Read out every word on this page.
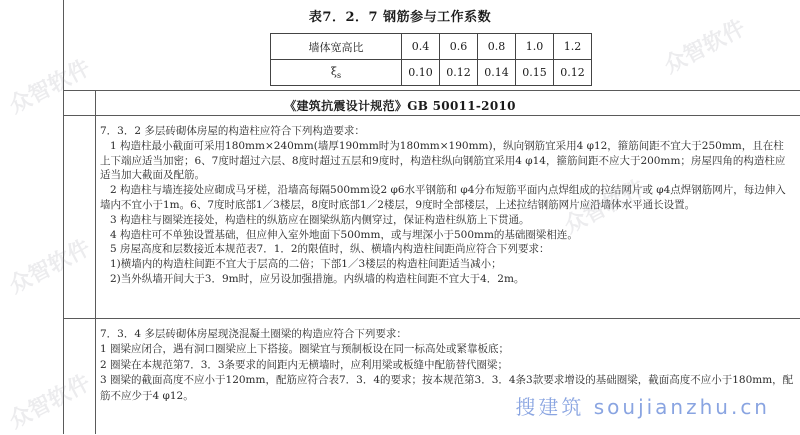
表7．2．7 钢筋参与工作系数
墙体宽高比	0.4	0.6	0.8	1.0	1.2
$\xi_s$	0.10	0.12	0.14	0.15	0.12
《建筑抗震设计规范》GB 50011-2010

7．3．2 多层砖砌体房屋的构造柱应符合下列构造要求：

1 构造柱最小截面可采用180mm×240mm(墙厚190mm时为180mm×190mm)，纵向钢筋宜采用4 φ12，箍筋间距不宜大于250mm，且在柱上下端应适当加密；6、7度时超过六层、8度时超过五层和9度时，构造柱纵向钢筋宜采用4 φ14，箍筋间距不应大于200mm；房屋四角的构造柱应适当加大截面及配筋。

2 构造柱与墙连接处应砌成马牙槎，沿墙高每隔500mm设2 φ6水平钢筋和 φ4分布短筋平面内点焊组成的拉结网片或 φ4点焊钢筋网片，每边伸入墙内不宜小于1m。6、7度时底部1／3楼层，8度时底部1／2楼层，9度时全部楼层，上述拉结钢筋网片应沿墙体水平通长设置。

3 构造柱与圈梁连接处，构造柱的纵筋应在圈梁纵筋内侧穿过，保证构造柱纵筋上下贯通。

4 构造柱可不单独设置基础，但应伸入室外地面下500mm，或与埋深小于500mm的基础圈梁相连。

5 房屋高度和层数接近本规范表7．1．2的限值时，纵、横墙内构造柱间距尚应符合下列要求：

1)横墙内的构造柱间距不宜大于层高的二倍；下部1／3楼层的构造柱间距适当减小；

2)当外纵墙开间大于3．9m时，应另设加强措施。内纵墙的构造柱间距不宜大于4．2m。

7．3．4 多层砖砌体房屋现浇混凝土圈梁的构造应符合下列要求：

1 圈梁应闭合，遇有洞口圈梁应上下搭接。圈梁宜与预制板设在同一标高处或紧靠板底；

2 圈梁在本规范第7．3．3条要求的间距内无横墙时，应利用梁或板缝中配筋替代圈梁；

3 圈梁的截面高度不应小于120mm，配筋应符合表7．3．4的要求；按本规范第3．3．4条3款要求增设的基础圈梁，截面高度不应小于180mm，配筋不应少于4 φ12。

众智软件
众智软件
众智软件
众智软件
众智软件
搜建筑 soujianzhu.cn
